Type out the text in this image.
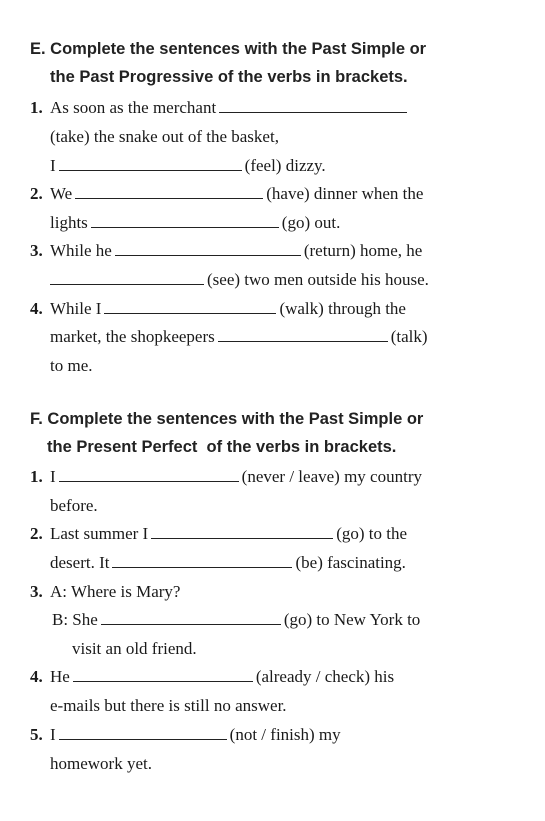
E. Complete the sentences with the Past Simple or
the Past Progressive of the verbs in brackets.
1. As soon as the merchant
(take) the snake out of the basket,
I	(feel) dizzy.
2. We	(have) dinner when the
lights	(go) out.
3. While he	(return) home, he
(see) two men outside his house.
4. While I	(walk) through the
market, the shopkeepers	(talk)
to me.
F. Complete the sentences with the Past Simple or
the Present Perfect  of the verbs in brackets.
1. I	(never / leave) my country
before.
2. Last summer I	(go) to the
desert. It	(be) fascinating.
3. A: Where is Mary?
B: She	(go) to New York to
visit an old friend.
4. He	(already / check) his
e-mails but there is still no answer.
5. I	(not / finish) my
homework yet.
